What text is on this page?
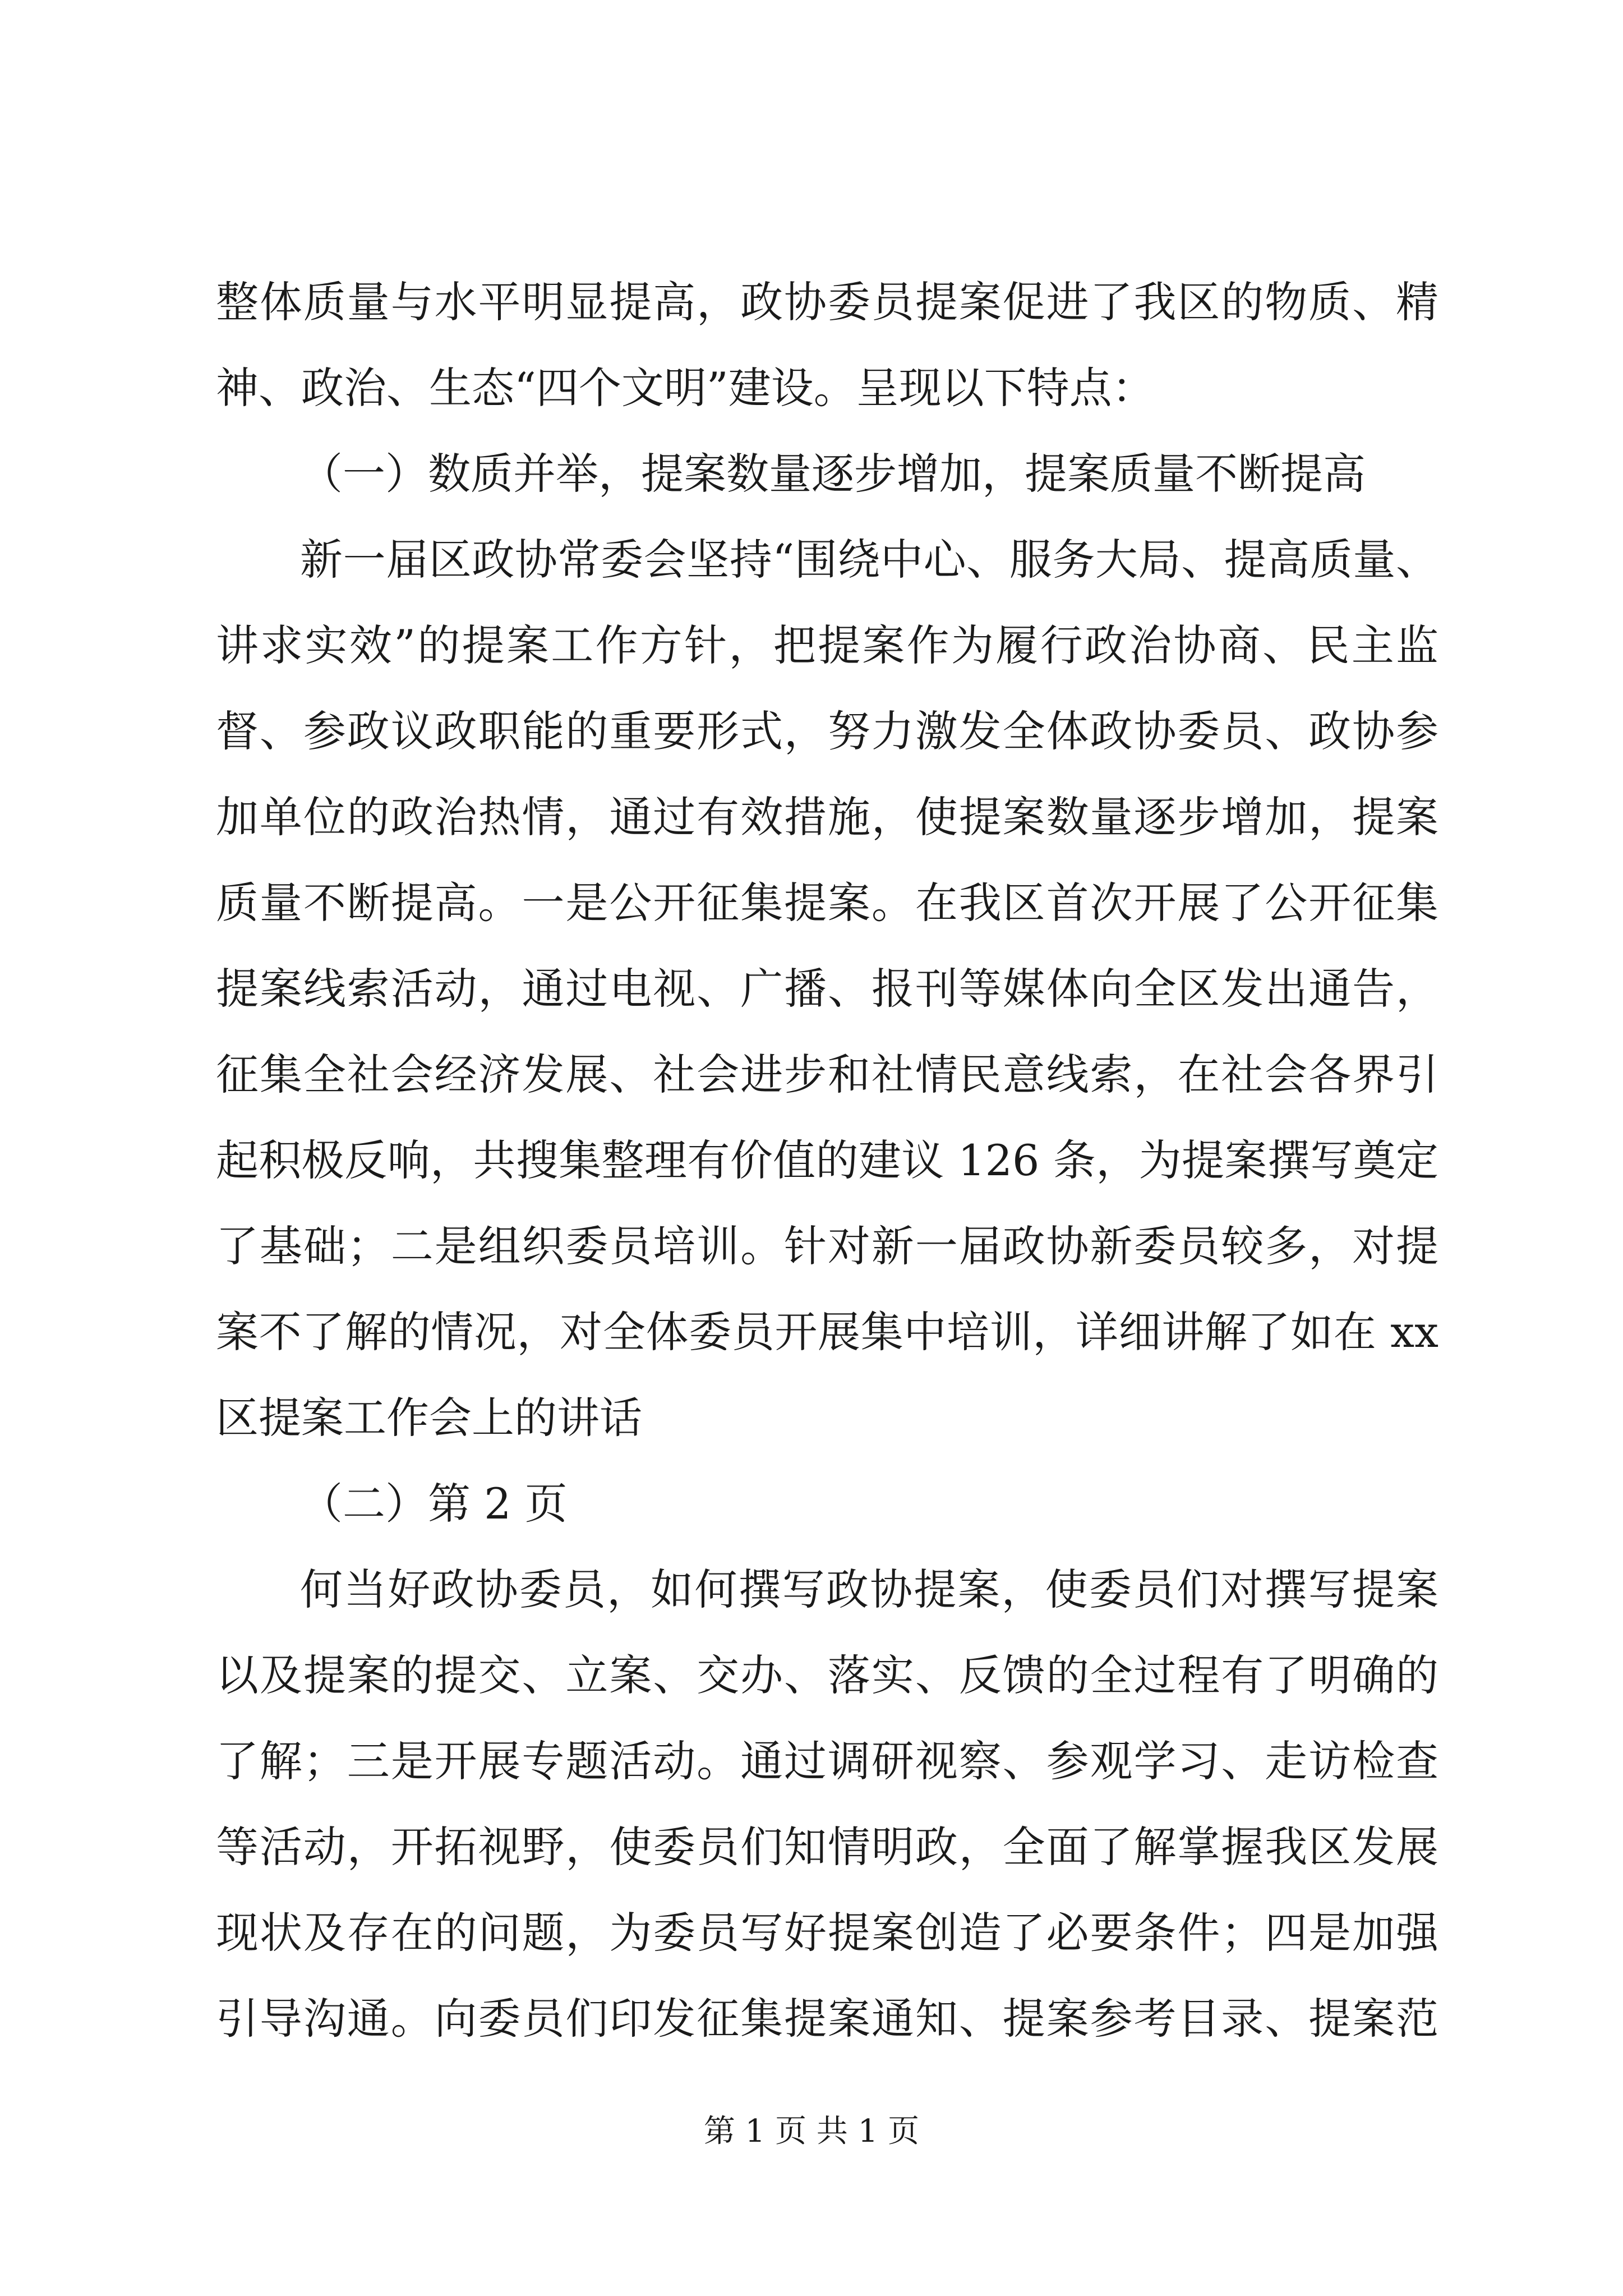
整体质量与水平明显提高，政协委员提案促进了我区的物质、精
神、政治、生态“四个文明”建设。呈现以下特点：
（一）数质并举，提案数量逐步增加，提案质量不断提高
新一届区政协常委会坚持“围绕中心、服务大局、提高质量、
讲求实效”的提案工作方针，把提案作为履行政治协商、民主监
督、参政议政职能的重要形式，努力激发全体政协委员、政协参
加单位的政治热情，通过有效措施，使提案数量逐步增加，提案
质量不断提高。一是公开征集提案。在我区首次开展了公开征集
提案线索活动，通过电视、广播、报刊等媒体向全区发出通告，
征集全社会经济发展、社会进步和社情民意线索，在社会各界引
起积极反响，共搜集整理有价值的建议 126 条，为提案撰写奠定
了基础；二是组织委员培训。针对新一届政协新委员较多，对提
案不了解的情况，对全体委员开展集中培训，详细讲解了如在 xx
区提案工作会上的讲话
（二）第 2 页
何当好政协委员，如何撰写政协提案，使委员们对撰写提案
以及提案的提交、立案、交办、落实、反馈的全过程有了明确的
了解；三是开展专题活动。通过调研视察、参观学习、走访检查
等活动，开拓视野，使委员们知情明政，全面了解掌握我区发展
现状及存在的问题，为委员写好提案创造了必要条件；四是加强
引导沟通。向委员们印发征集提案通知、提案参考目录、提案范
第 1 页 共 1 页
